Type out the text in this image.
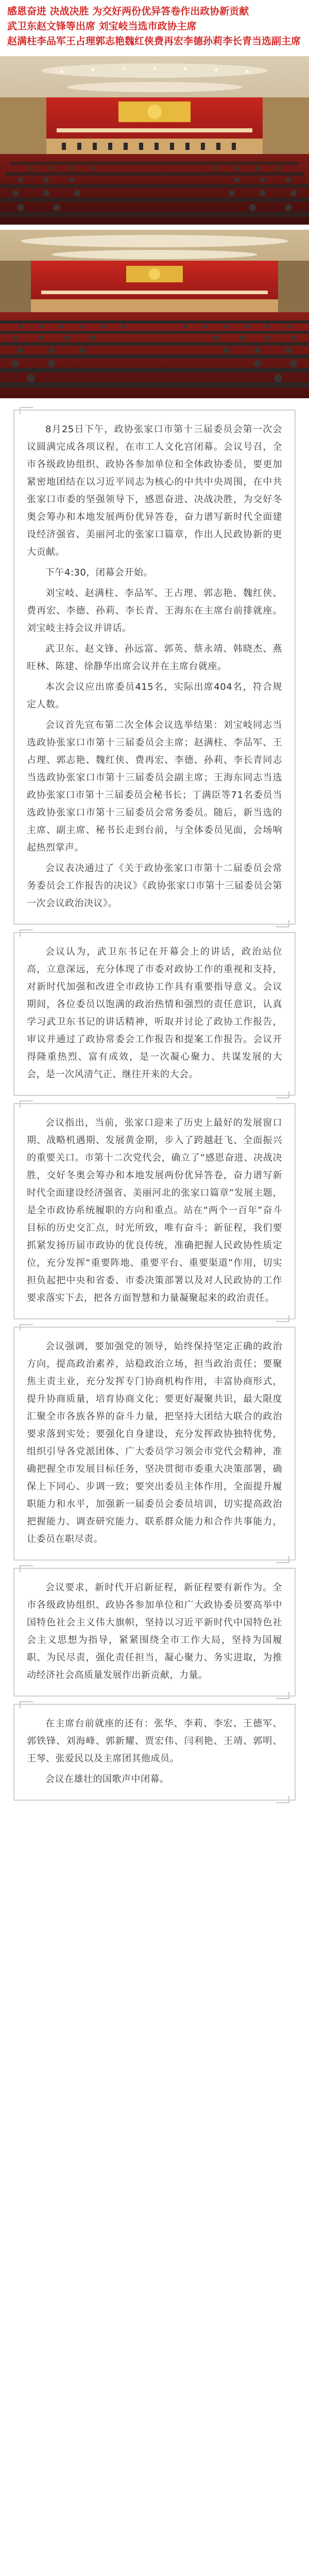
感恩奋进 决战决胜 为交好两份优异答卷作出政协新贡献
武卫东赵文锋等出席 刘宝岐当选市政协主席
赵满柱李品军王占理郭志艳魏红侠费再宏李德孙莉李长青当选副主席

8月25日下午，政协张家口市第十三届委员会第一次会议圆满完成各项议程，在市工人文化宫闭幕。会议号召，全市各级政协组织、政协各参加单位和全体政协委员，要更加紧密地团结在以习近平同志为核心的中共中央周围，在中共张家口市委的坚强领导下，感恩奋进、决战决胜，为交好冬奥会筹办和本地发展两份优异答卷，奋力谱写新时代全面建设经济强省、美丽河北的张家口篇章，作出人民政协新的更大贡献。

下午4:30，闭幕会开始。

刘宝岐、赵满柱、李品军、王占理、郭志艳、魏红侠、费再宏、李德、孙莉、李长青、王海东在主席台前排就座。刘宝岐主持会议并讲话。

武卫东、赵文锋、孙远富、郭英、蔡永靖、韩晓杰、燕旺林、陈建、徐静华出席会议并在主席台就座。

本次会议应出席委员415名，实际出席404名，符合规定人数。

会议首先宣布第二次全体会议选举结果：刘宝岐同志当选政协张家口市第十三届委员会主席；赵满柱、李品军、王占理、郭志艳、魏红侠、费再宏、李德、孙莉、李长青同志当选政协张家口市第十三届委员会副主席；王海东同志当选政协张家口市第十三届委员会秘书长；丁满臣等71名委员当选政协张家口市第十三届委员会常务委员。随后，新当选的主席、副主席、秘书长走到台前，与全体委员见面，会场响起热烈掌声。

会议表决通过了《关于政协张家口市第十二届委员会常务委员会工作报告的决议》《政协张家口市第十三届委员会第一次会议政治决议》。

会议认为，武卫东书记在开幕会上的讲话，政治站位高，立意深远，充分体现了市委对政协工作的重视和支持，对新时代加强和改进全市政协工作具有重要指导意义。会议期间，各位委员以饱满的政治热情和强烈的责任意识，认真学习武卫东书记的讲话精神，听取并讨论了政协工作报告，审议并通过了政协常委会工作报告和提案工作报告。会议开得隆重热烈、富有成效，是一次凝心聚力、共谋发展的大会，是一次风清气正、继往开来的大会。

会议指出，当前，张家口迎来了历史上最好的发展窗口期、战略机遇期、发展黄金期，步入了跨越赶飞、全面振兴的重要关口。市第十二次党代会，确立了“感恩奋进、决战决胜，交好冬奥会筹办和本地发展两份优异答卷，奋力谱写新时代全面建设经济强省、美丽河北的张家口篇章”发展主题，是全市政协系统履职的方向和重点。站在“两个一百年”奋斗目标的历史交汇点，时光所致，唯有奋斗；新征程，我们要抓紧发扬历届市政协的优良传统，准确把握人民政协性质定位，充分发挥“重要阵地、重要平台、重要渠道”作用，切实担负起把中央和省委、市委决策部署以及对人民政协的工作要求落实下去，把各方面智慧和力量凝聚起来的政治责任。

会议强调，要加强党的领导，始终保持坚定正确的政治方向，提高政治素养，站稳政治立场，担当政治责任；要聚焦主责主业，充分发挥专门协商机构作用，丰富协商形式，提升协商质量，培育协商文化；要更好凝聚共识，最大限度汇聚全市各族各界的奋斗力量，把坚持大团结大联合的政治要求落到实处；要强化自身建设，充分发挥政协独特优势，组织引导各党派团体、广大委员学习领会市党代会精神，准确把握全市发展目标任务，坚决贯彻市委重大决策部署，确保上下同心、步调一致；要突出委员主体作用，全面提升履职能力和水平，加强新一届委员会委员培训，切实提高政治把握能力、调查研究能力、联系群众能力和合作共事能力，让委员在职尽责。

会议要求，新时代开启新征程，新征程要有新作为。全市各级政协组织、政协各参加单位和广大政协委员要高举中国特色社会主义伟大旗帜，坚持以习近平新时代中国特色社会主义思想为指导，紧紧围绕全市工作大局，坚持为国履职、为民尽责，强化责任担当，凝心聚力、务实进取，为推动经济社会高质量发展作出新贡献，力量。

在主席台前就座的还有：张华、李莉、李宏、王德军、郭铁锋、刘海峰、郭新耀、贾宏伟、闫利艳、王靖、郭明、王琴、张爱民以及主席团其他成员。

会议在雄壮的国歌声中闭幕。
